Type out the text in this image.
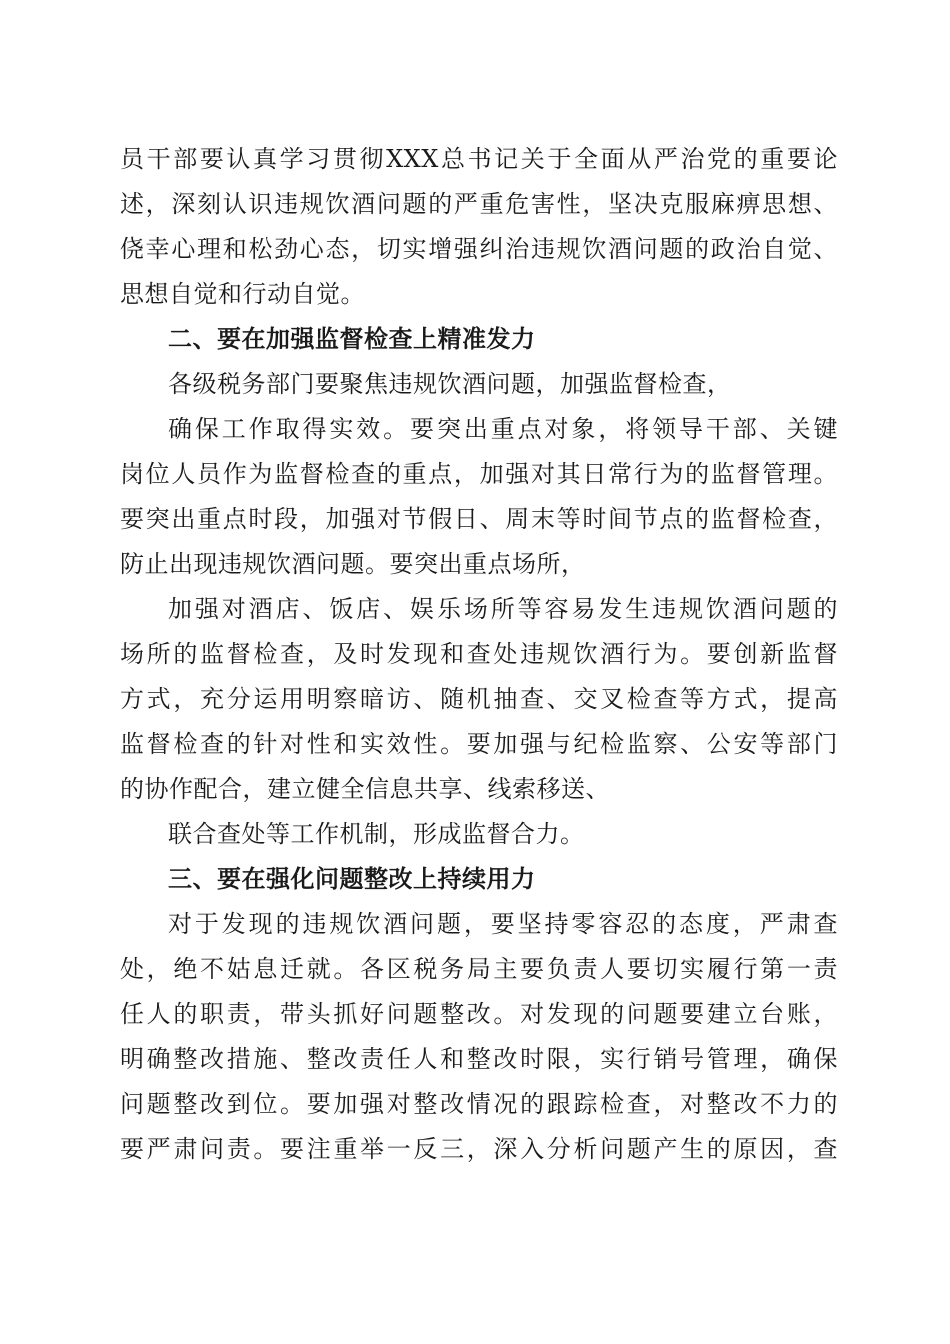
员干部要认真学习贯彻XXX总书记关于全面从严治党的重要论
述，深刻认识违规饮酒问题的严重危害性，坚决克服麻痹思想、
侥幸心理和松劲心态，切实增强纠治违规饮酒问题的政治自觉、
思想自觉和行动自觉。
二、要在加强监督检查上精准发力
各级税务部门要聚焦违规饮酒问题，加强监督检查，
确保工作取得实效。要突出重点对象，将领导干部、关键
岗位人员作为监督检查的重点，加强对其日常行为的监督管理。
要突出重点时段，加强对节假日、周末等时间节点的监督检查，
防止出现违规饮酒问题。要突出重点场所，
加强对酒店、饭店、娱乐场所等容易发生违规饮酒问题的
场所的监督检查，及时发现和查处违规饮酒行为。要创新监督
方式，充分运用明察暗访、随机抽查、交叉检查等方式，提高
监督检查的针对性和实效性。要加强与纪检监察、公安等部门
的协作配合，建立健全信息共享、线索移送、
联合查处等工作机制，形成监督合力。
三、要在强化问题整改上持续用力
对于发现的违规饮酒问题，要坚持零容忍的态度，严肃查
处，绝不姑息迁就。各区税务局主要负责人要切实履行第一责
任人的职责，带头抓好问题整改。对发现的问题要建立台账，
明确整改措施、整改责任人和整改时限，实行销号管理，确保
问题整改到位。要加强对整改情况的跟踪检查，对整改不力的
要严肃问责。要注重举一反三，深入分析问题产生的原因，查
